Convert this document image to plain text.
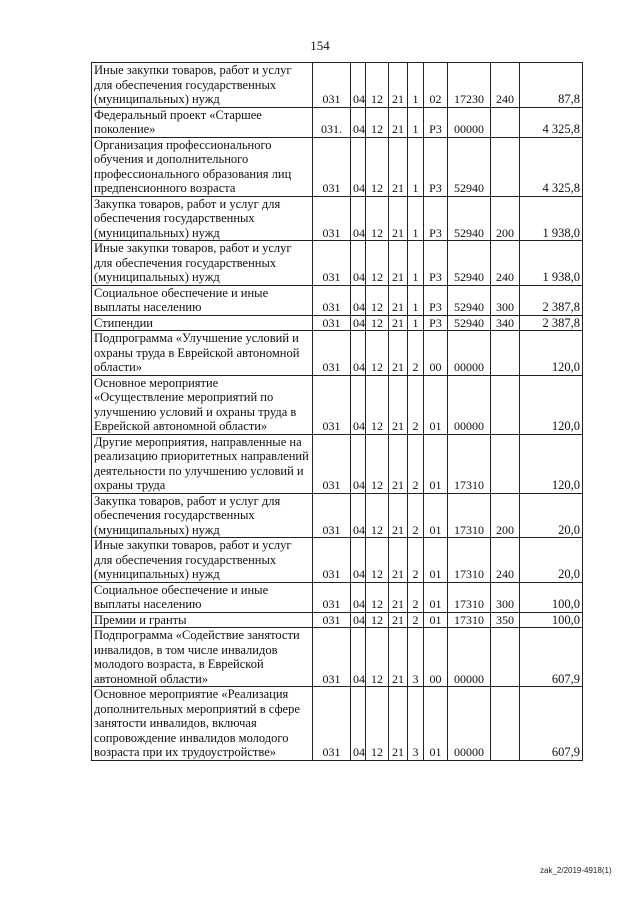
154
Иные закупки товаров, работ и услуг для обеспечения государственных (муниципальных) нужд	031	04	12	21	1	02	17230	240	87,8
Федеральный проект «Старшее поколение»	031.	04	12	21	1	Р3	00000		4 325,8
Организация профессионального обучения и дополнительного профессионального образования лиц предпенсионного возраста	031	04	12	21	1	Р3	52940		4 325,8
Закупка товаров, работ и услуг для обеспечения государственных (муниципальных) нужд	031	04	12	21	1	Р3	52940	200	1 938,0
Иные закупки товаров, работ и услуг для обеспечения государственных (муниципальных) нужд	031	04	12	21	1	Р3	52940	240	1 938,0
Социальное обеспечение и иные выплаты населению	031	04	12	21	1	Р3	52940	300	2 387,8
Стипендии	031	04	12	21	1	Р3	52940	340	2 387,8
Подпрограмма «Улучшение условий и охраны труда в Еврейской автономной области»	031	04	12	21	2	00	00000		120,0
Основное мероприятие «Осуществление мероприятий по улучшению условий и охраны труда в Еврейской автономной области»	031	04	12	21	2	01	00000		120,0
Другие мероприятия, направленные на реализацию приоритетных направлений деятельности по улучшению условий и охраны труда	031	04	12	21	2	01	17310		120,0
Закупка товаров, работ и услуг для обеспечения государственных (муниципальных) нужд	031	04	12	21	2	01	17310	200	20,0
Иные закупки товаров, работ и услуг для обеспечения государственных (муниципальных) нужд	031	04	12	21	2	01	17310	240	20,0
Социальное обеспечение и иные выплаты населению	031	04	12	21	2	01	17310	300	100,0
Премии и гранты	031	04	12	21	2	01	17310	350	100,0
Подпрограмма «Содействие занятости инвалидов, в том числе инвалидов молодого возраста, в Еврейской автономной области»	031	04	12	21	3	00	00000		607,9
Основное мероприятие «Реализация дополнительных мероприятий в сфере занятости инвалидов, включая сопровождение инвалидов молодого возраста при их трудоустройстве»	031	04	12	21	3	01	00000		607,9
zak_2/2019-4918(1)
